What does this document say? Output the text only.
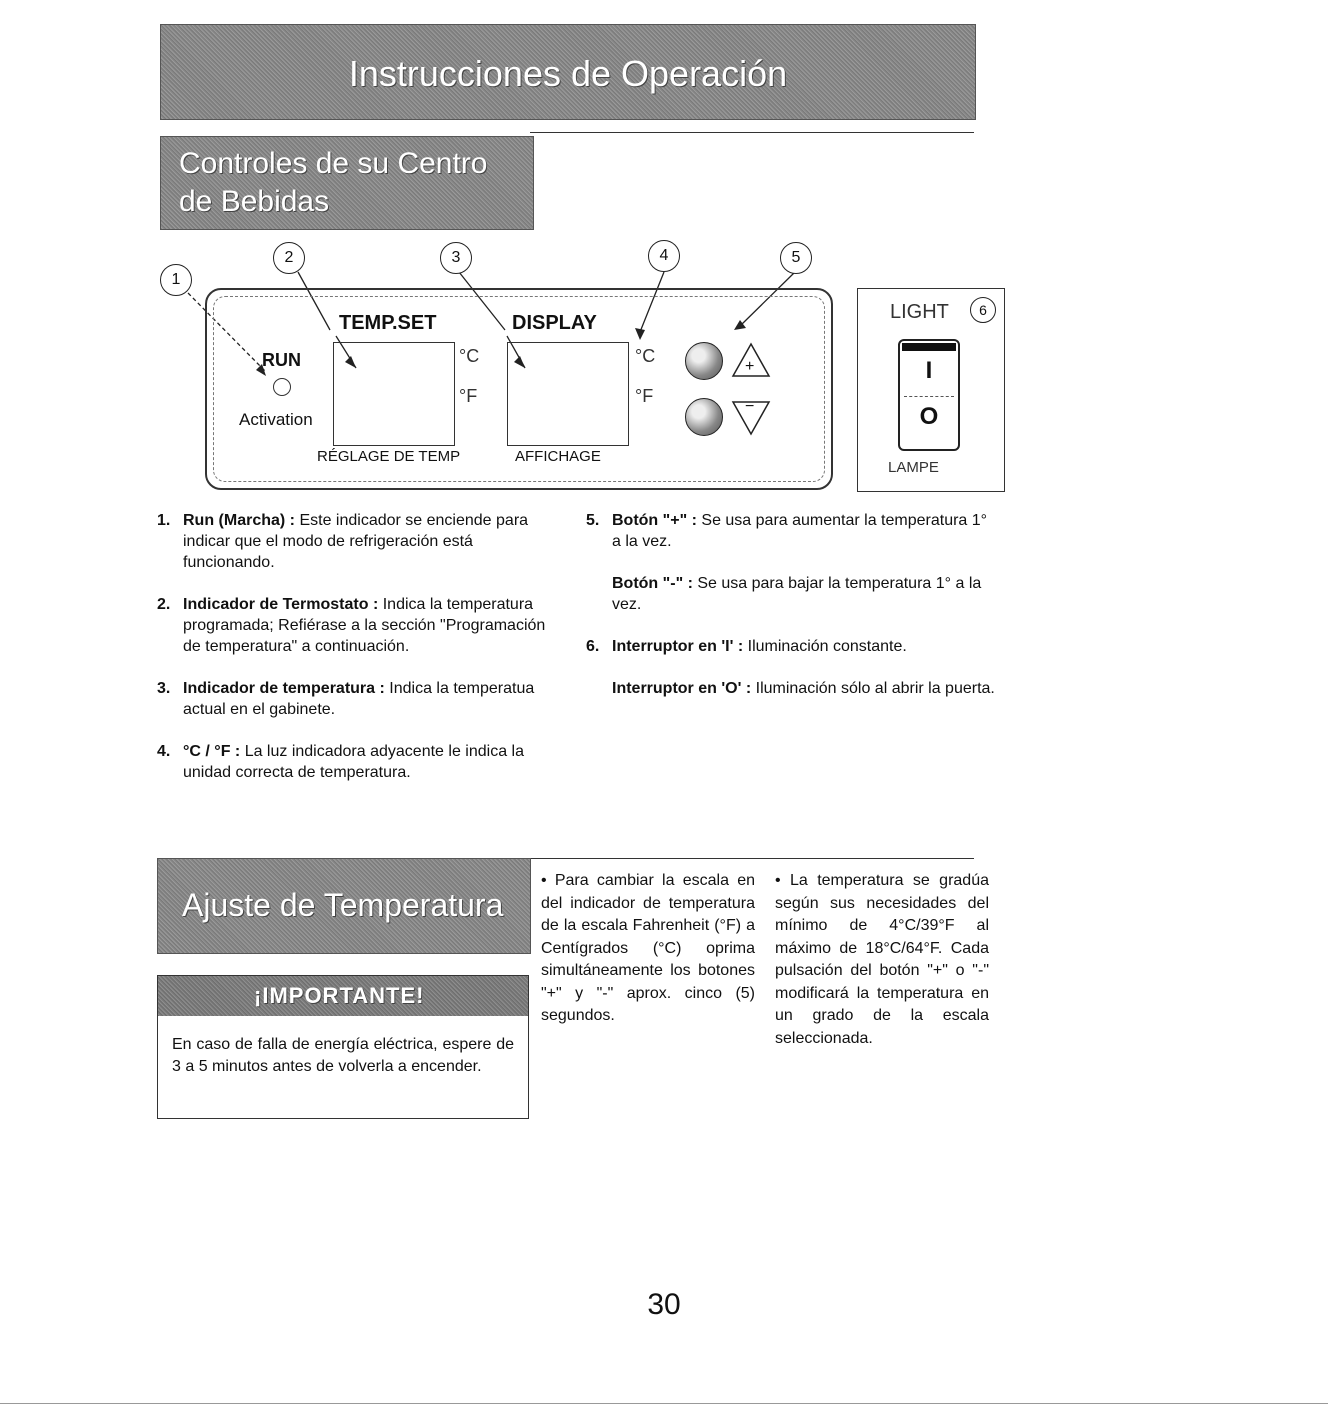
Instrucciones de Operación
Controles de su Centro
de Bebidas
1
2	3	4	5
TEMP.SET	DISPLAY
RUN
Activation
°C
°F
RÉGLAGE DE TEMP
°C
°F
AFFICHAGE
+
−
LIGHT	6
I
O
LAMPE
1. Run (Marcha) : Este indicador se enciende para indicar que el modo de refrigeración está funcionando.
2. Indicador de Termostato : Indica la temperatura programada; Refiérase a la sección "Programación de temperatura" a continuación.
3. Indicador de temperatura : Indica la temperatua actual en el gabinete.
4. °C / °F : La luz indicadora adyacente le indica la unidad correcta de temperatura.
5. Botón "+" : Se usa para aumentar la temperatura 1° a la vez.
Botón "-" : Se usa para bajar la temperatura 1° a la vez.
6. Interruptor en 'I' : Iluminación constante.
Interruptor en 'O' : Iluminación sólo al abrir la puerta.
Ajuste de Temperatura
¡IMPORTANTE!
En caso de falla de energía eléctrica, espere de 3 a 5 minutos antes de volverla a encender.
• Para cambiar la escala en del indicador de temperatura de la escala Fahrenheit (°F) a Centígrados (°C) oprima simultáneamente los botones "+" y "-" aprox. cinco (5) segundos.
• La temperatura se gradúa según sus necesidades del mínimo de 4°C/39°F al máximo de 18°C/64°F. Cada pulsación del botón "+" o "-" modificará la temperatura en un grado de la escala seleccionada.
30
